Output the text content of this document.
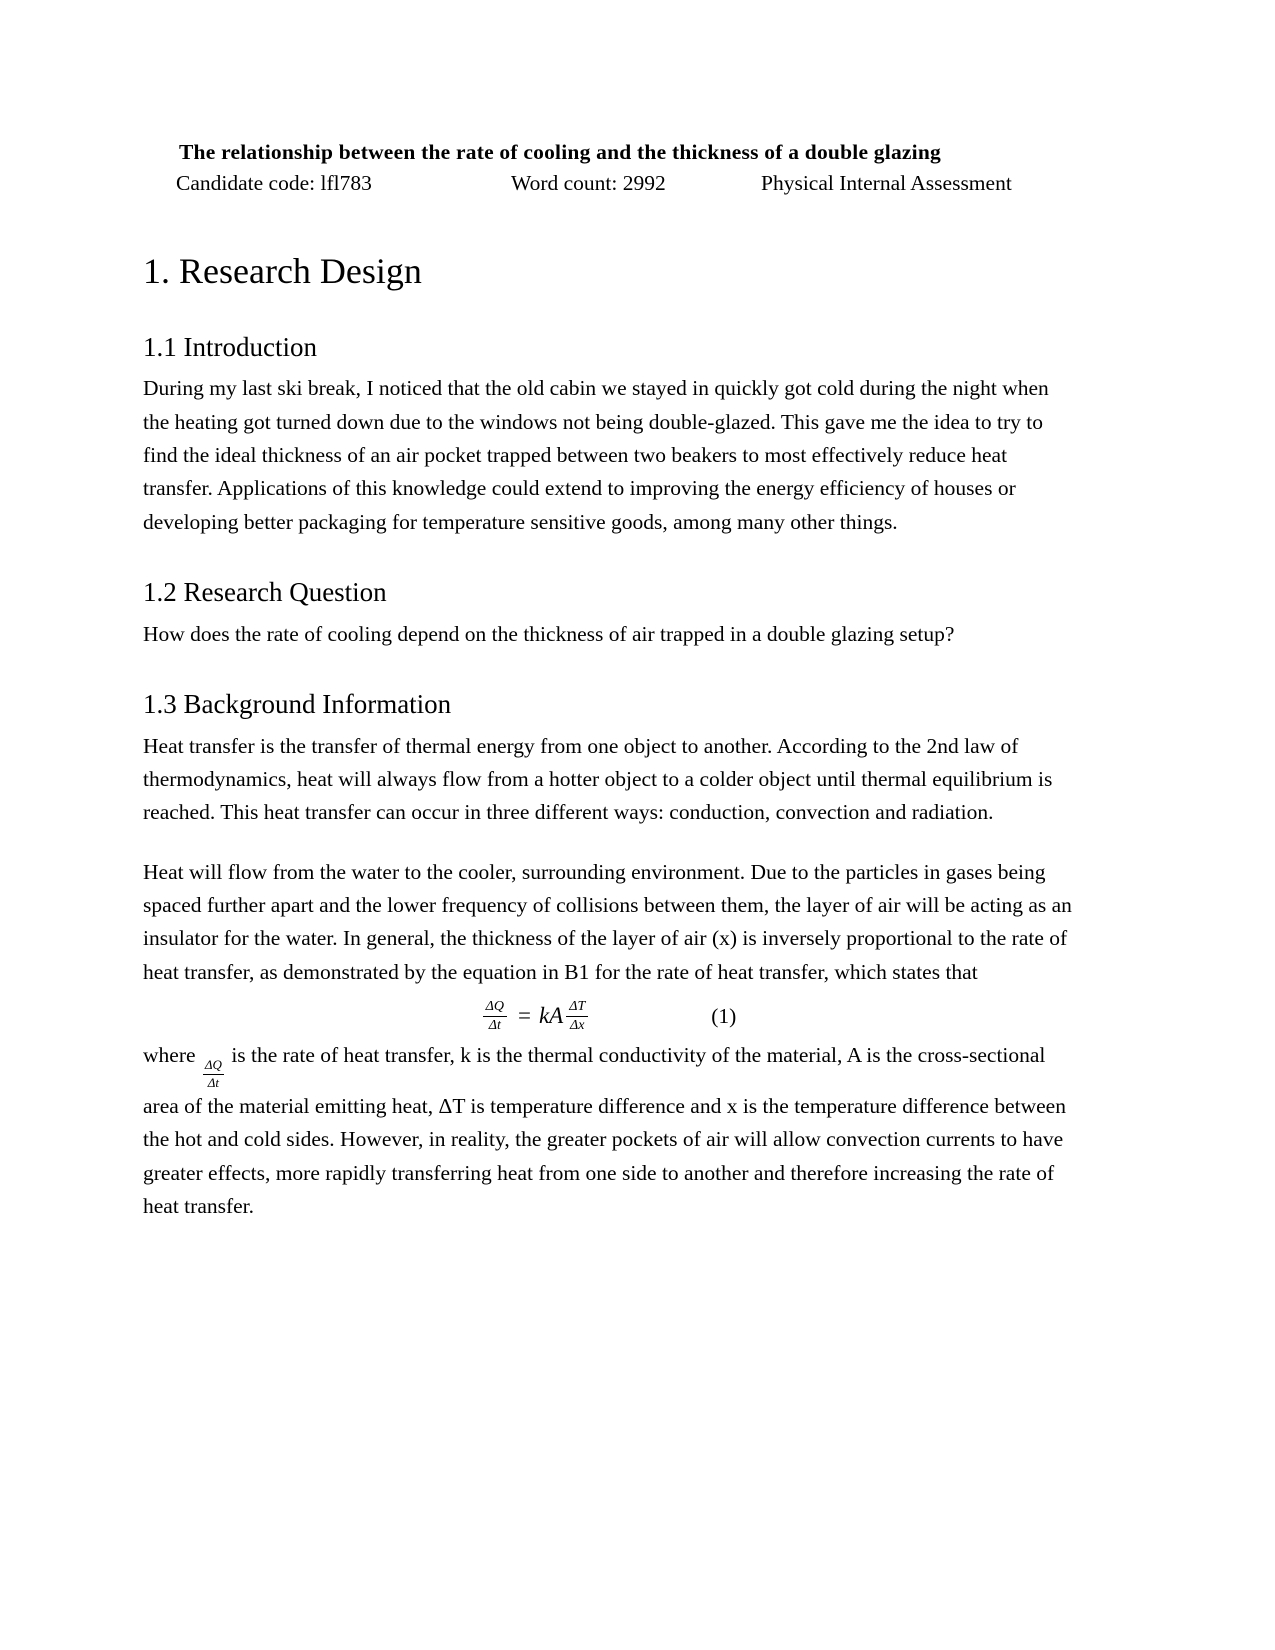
The relationship between the rate of cooling and the thickness of a double glazing
Candidate code: lfl783	Word count: 2992	Physical Internal Assessment
1. Research Design
1.1 Introduction

During my last ski break, I noticed that the old cabin we stayed in quickly got cold during the night when the heating got turned down due to the windows not being double-glazed. This gave me the idea to try to find the ideal thickness of an air pocket trapped between two beakers to most effectively reduce heat transfer. Applications of this knowledge could extend to improving the energy efficiency of houses or developing better packaging for temperature sensitive goods, among many other things.

1.2 Research Question

How does the rate of cooling depend on the thickness of air trapped in a double glazing setup?

1.3 Background Information

Heat transfer is the transfer of thermal energy from one object to another. According to the 2nd law of thermodynamics, heat will always flow from a hotter object to a colder object until thermal equilibrium is reached. This heat transfer can occur in three different ways: conduction, convection and radiation.

Heat will flow from the water to the cooler, surrounding environment. Due to the particles in gases being spaced further apart and the lower frequency of collisions between them, the layer of air will be acting as an insulator for the water. In general, the thickness of the layer of air (x) is inversely proportional to the rate of heat transfer, as demonstrated by the equation in B1 for the rate of heat transfer, which states that

$\frac{\Delta Q}{\Delta t}$ = kA $\frac{\Delta T}{\Delta x}$	(1)

where
$\frac{\Delta Q}{\Delta t}$
is the rate of heat transfer, k is the thermal conductivity of the material, A is the cross-sectional area of the material emitting heat, ΔT is temperature difference and x is the temperature difference between the hot and cold sides. However, in reality, the greater pockets of air will allow convection currents to have greater effects, more rapidly transferring heat from one side to another and therefore increasing the rate of heat transfer.
